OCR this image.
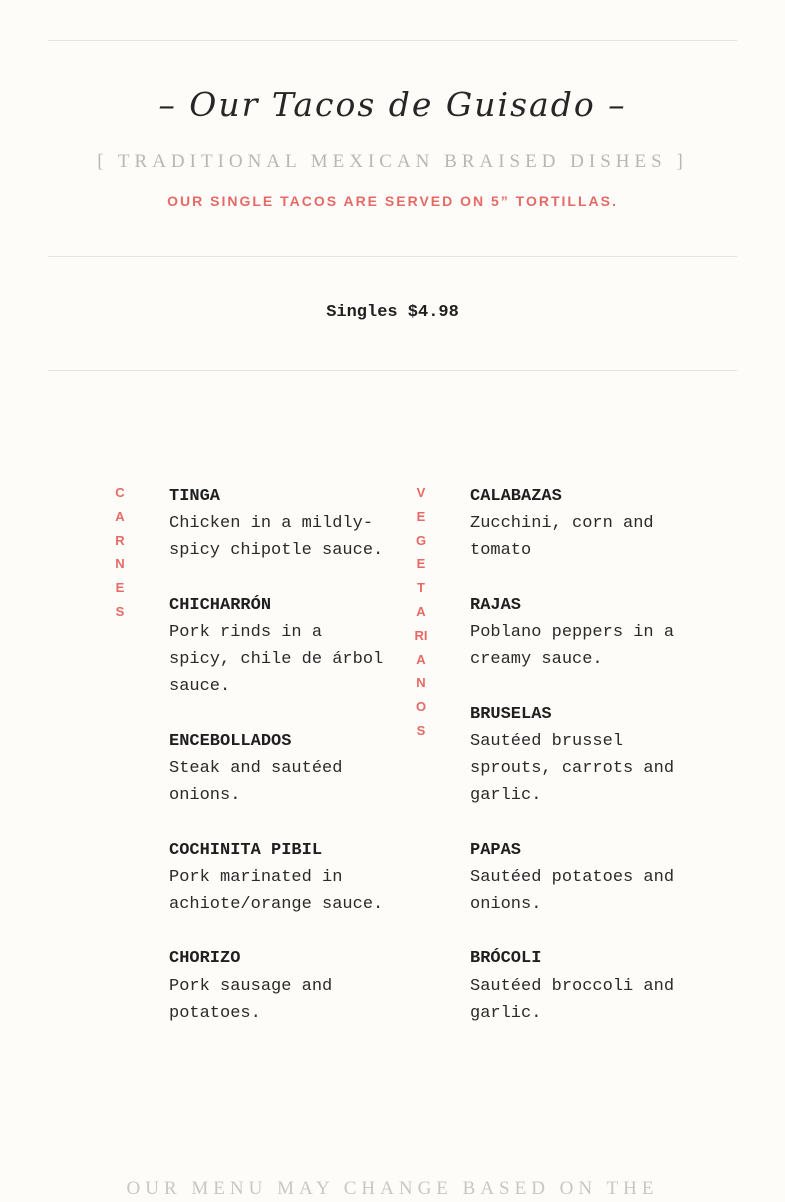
– Our Tacos de Guisado –
[ TRADITIONAL MEXICAN BRAISED DISHES ]
OUR SINGLE TACOS ARE SERVED ON 5” TORTILLAS.
Singles $4.98
CARNES
TINGA
Chicken in a mildly-spicy chipotle sauce.
CHICHARRÓN
Pork rinds in a spicy, chile de árbol sauce.
ENCEBOLLADOS
Steak and sautéed onions.
COCHINITA PIBIL
Pork marinated in achiote/orange sauce.
CHORIZO
Pork sausage and potatoes.
VEGETARIANOS
CALABAZAS
Zucchini, corn and tomato
RAJAS
Poblano peppers in a creamy sauce.
BRUSELAS
Sautéed brussel sprouts, carrots and garlic.
PAPAS
Sautéed potatoes and onions.
BRÓCOLI
Sautéed broccoli and garlic.
OUR MENU MAY CHANGE BASED ON THE
